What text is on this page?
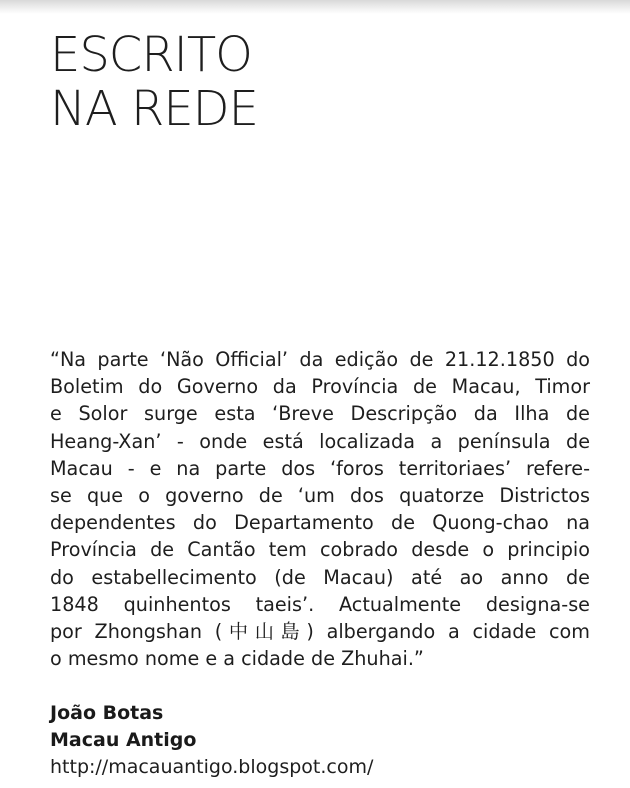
ESCRITO
NA REDE

“Na parte ‘Não Official’ da edição de 21.12.1850 do
Boletim do Governo da Província de Macau, Timor
e Solor surge esta ‘Breve Descripção da Ilha de
Heang-Xan’ - onde está localizada a península de
Macau - e na parte dos ‘foros territoriaes’ refere-
se que o governo de ‘um dos quatorze Districtos
dependentes do Departamento de Quong-chao na
Província de Cantão tem cobrado desde o principio
do estabellecimento (de Macau) até ao anno de
1848 quinhentos taeis’. Actualmente designa-se
por Zhongshan (中山島) albergando a cidade com
o mesmo nome e a cidade de Zhuhai.”

João Botas
Macau Antigo
http://macauantigo.blogspot.com/
